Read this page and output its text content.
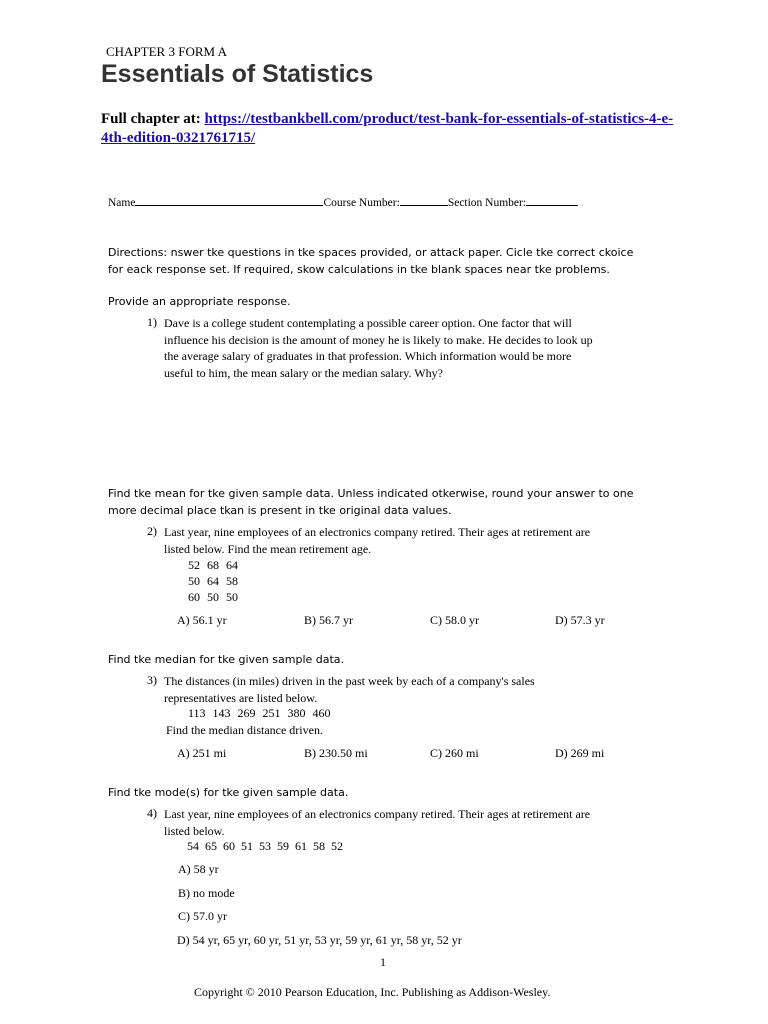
CHAPTER 3 FORM A
Essentials of Statistics
Full chapter at: https://testbankbell.com/product/test-bank-for-essentials-of-statistics-4-e-4th-edition-0321761715/
Name	Course Number:	Section Number:
Directions: nswer tke questions in tke spaces provided, or attack paper. Cicle tke correct ckoice
for eack response set. If required, skow calculations in tke blank spaces near tke problems.
Provide an appropriate response.
1) Dave is a college student contemplating a possible career option. One factor that will
influence his decision is the amount of money he is likely to make. He decides to look up
the average salary of graduates in that profession. Which information would be more
useful to him, the mean salary or the median salary. Why?
Find tke mean for tke given sample data. Unless indicated otkerwise, round your answer to one
more decimal place tkan is present in tke original data values.
2) Last year, nine employees of an electronics company retired. Their ages at retirement are
listed below. Find the mean retirement age.
52 68 64
50 64 58
60 50 50
A) 56.1 yr	B) 56.7 yr	C) 58.0 yr	D) 57.3 yr
Find tke median for tke given sample data.
3) The distances (in miles) driven in the past week by each of a company's sales
representatives are listed below.
113 143 269 251 380 460
Find the median distance driven.
A) 251 mi	B) 230.50 mi	C) 260 mi	D) 269 mi
Find tke mode(s) for tke given sample data.
4) Last year, nine employees of an electronics company retired. Their ages at retirement are
listed below.
54 65 60 51 53 59 61 58 52
A) 58 yr
B) no mode
C) 57.0 yr
D) 54 yr, 65 yr, 60 yr, 51 yr, 53 yr, 59 yr, 61 yr, 58 yr, 52 yr
1
Copyright © 2010 Pearson Education, Inc. Publishing as Addison-Wesley.
